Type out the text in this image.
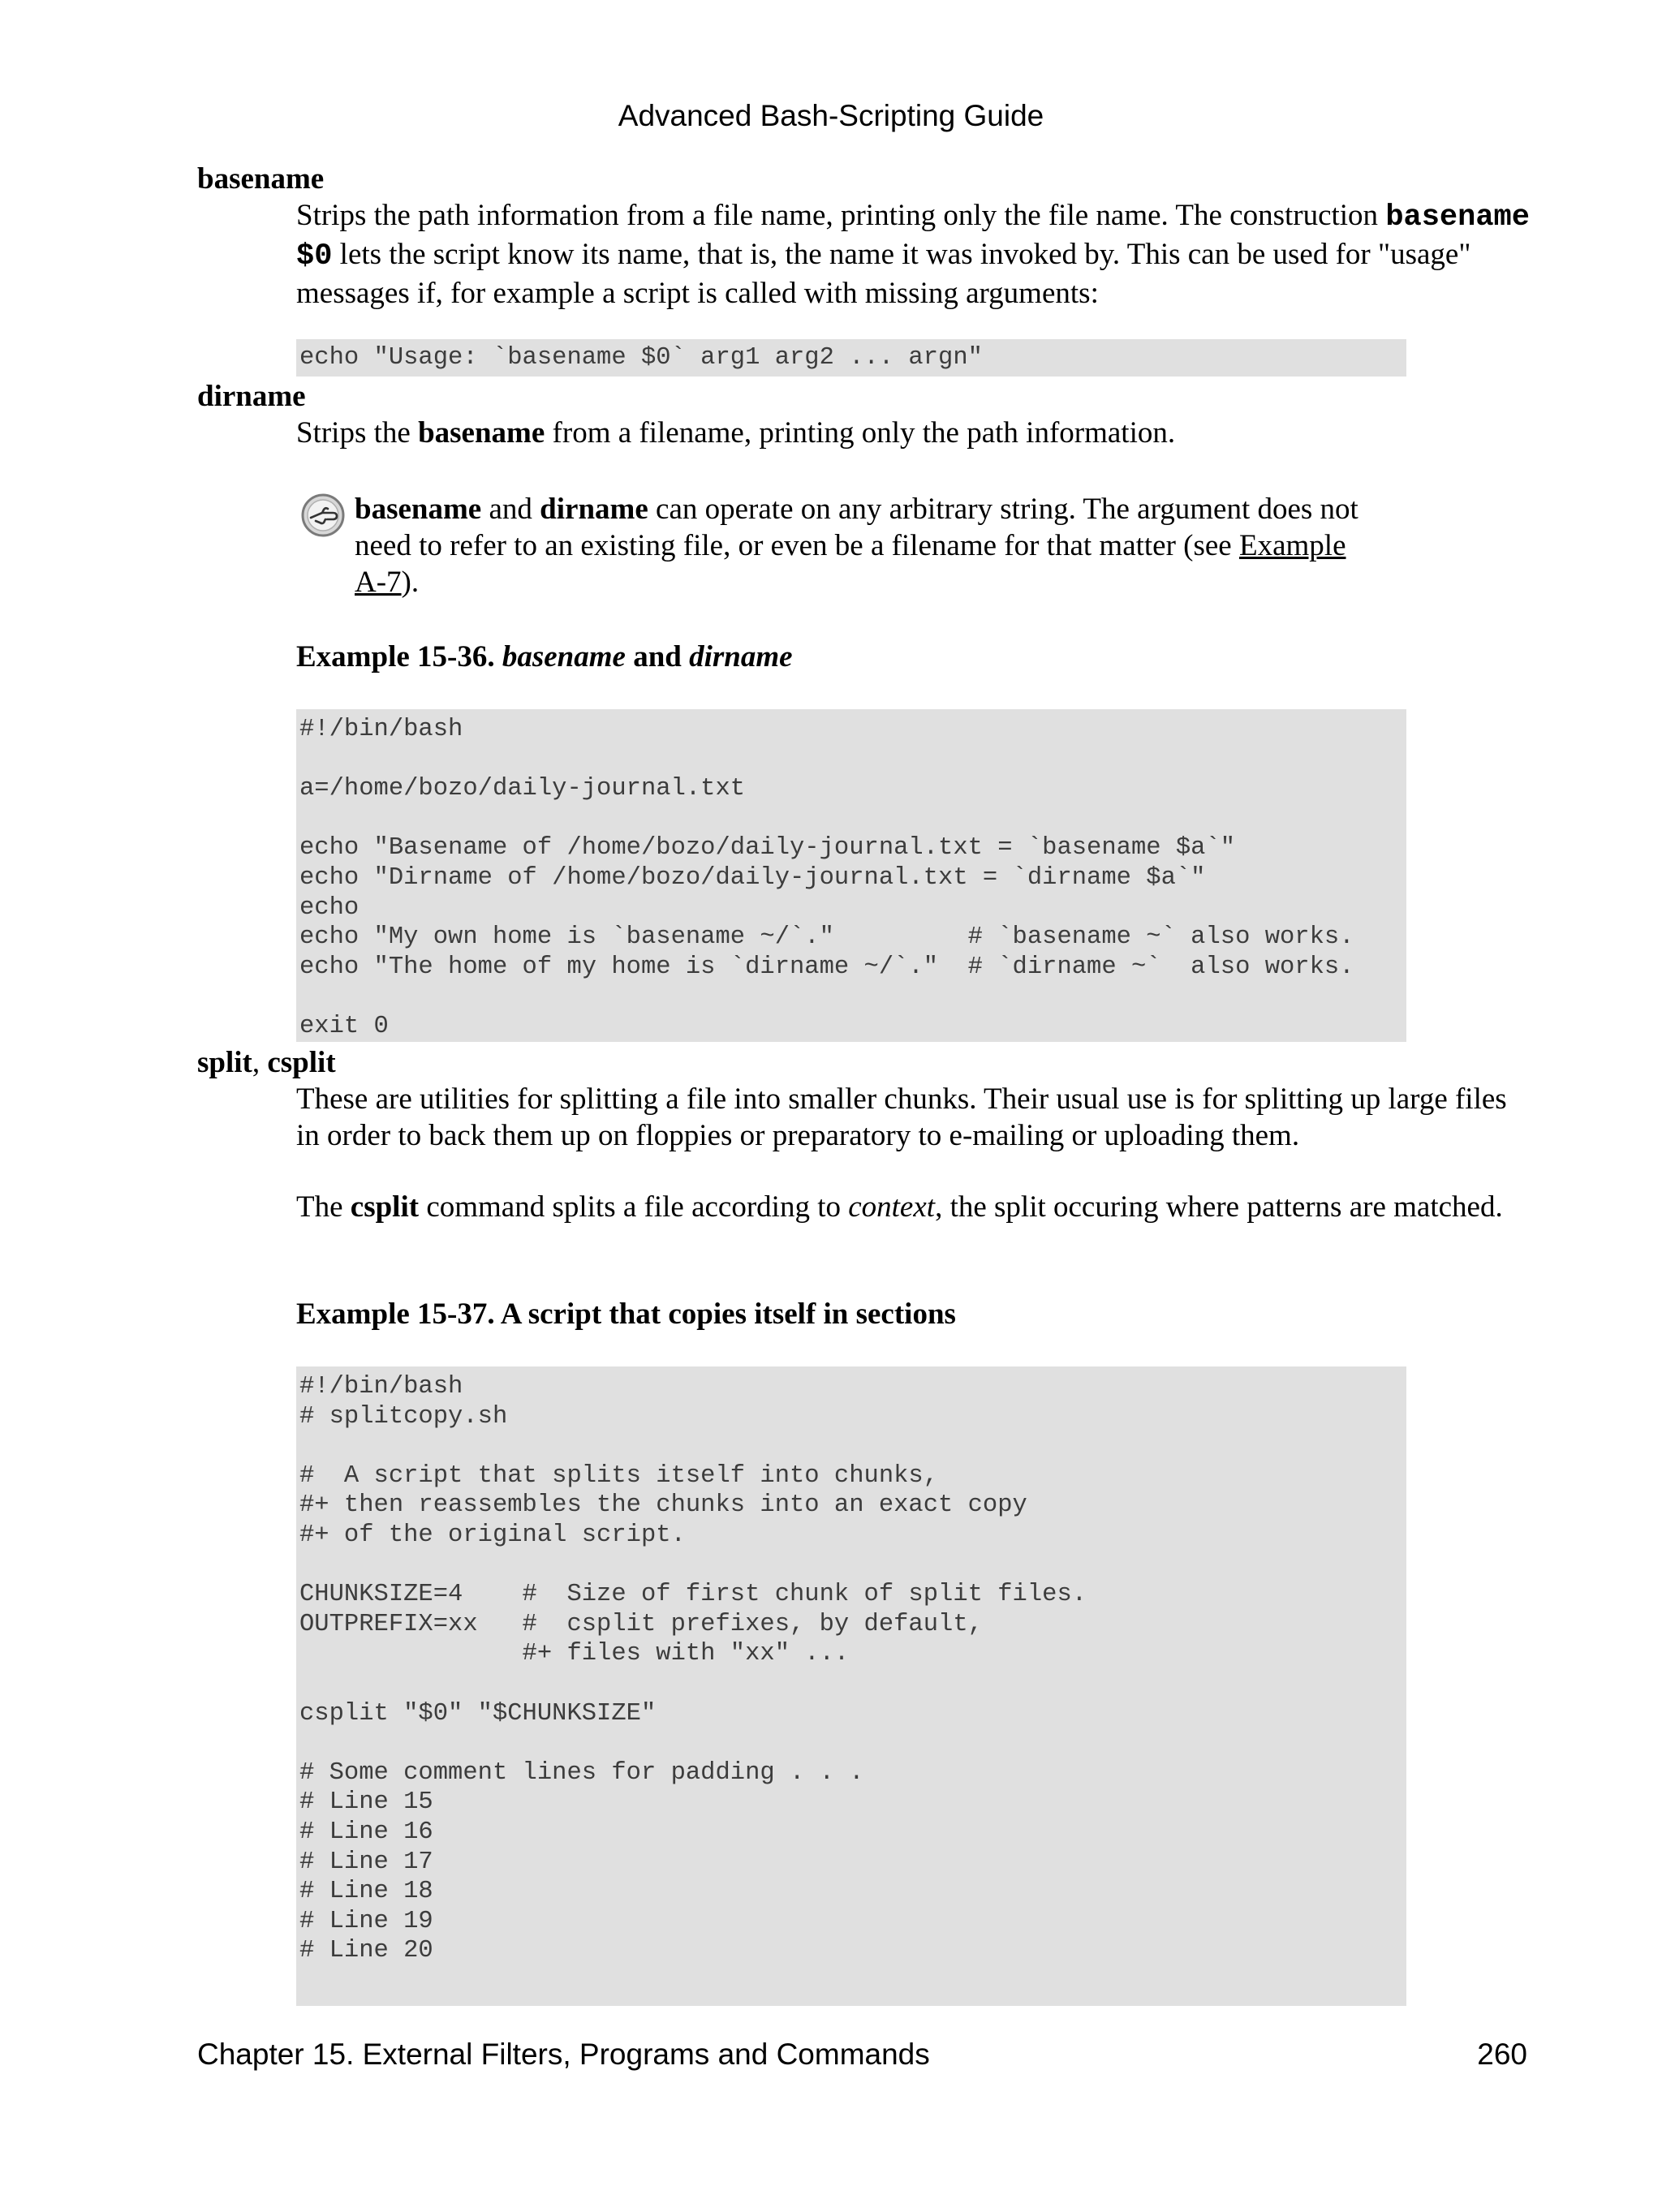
Advanced Bash-Scripting Guide
basename
Strips the path information from a file name, printing only the file name. The construction basename $0 lets the script know its name, that is, the name it was invoked by. This can be used for "usage" messages if, for example a script is called with missing arguments:
echo "Usage: `basename $0` arg1 arg2 ... argn"
dirname
Strips the basename from a filename, printing only the path information.
basename and dirname can operate on any arbitrary string. The argument does not need to refer to an existing file, or even be a filename for that matter (see Example A-7).
Example 15-36. basename and dirname
#!/bin/bash

a=/home/bozo/daily-journal.txt

echo "Basename of /home/bozo/daily-journal.txt = `basename $a`"
echo "Dirname of /home/bozo/daily-journal.txt = `dirname $a`"
echo
echo "My own home is `basename ~/`."         # `basename ~` also works.
echo "The home of my home is `dirname ~/`."  # `dirname ~`  also works.

exit 0
split, csplit
These are utilities for splitting a file into smaller chunks. Their usual use is for splitting up large files in order to back them up on floppies or preparatory to e-mailing or uploading them.
The csplit command splits a file according to context, the split occuring where patterns are matched.
Example 15-37. A script that copies itself in sections
#!/bin/bash
# splitcopy.sh

#  A script that splits itself into chunks,
#+ then reassembles the chunks into an exact copy
#+ of the original script.

CHUNKSIZE=4    #  Size of first chunk of split files.
OUTPREFIX=xx   #  csplit prefixes, by default,
#+ files with "xx" ...

csplit "$0" "$CHUNKSIZE"

# Some comment lines for padding . . .
# Line 15
# Line 16
# Line 17
# Line 18
# Line 19
# Line 20
Chapter 15. External Filters, Programs and Commands	260
